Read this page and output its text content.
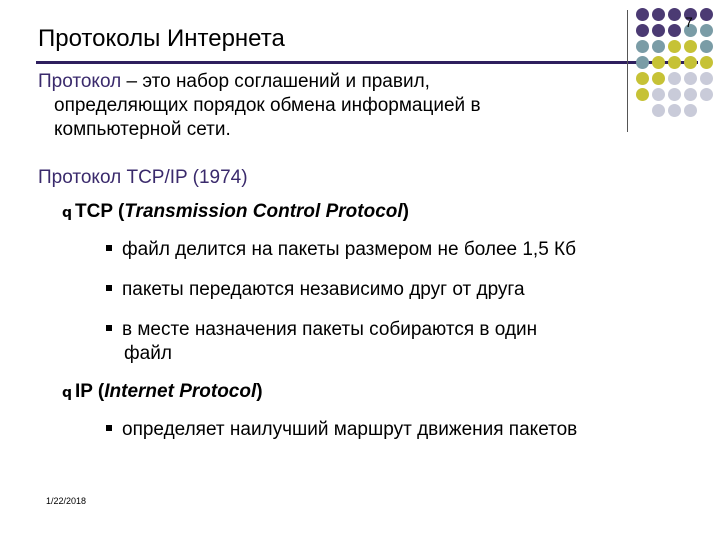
Протоколы Интернета
7
Протокол – это набор соглашений и правил,
определяющих порядок обмена информацией в
компьютерной сети.
Протокол TCP/IP (1974)
q TCP (Transmission Control Protocol)
файл делится на пакеты размером не более 1,5 Кб
пакеты передаются независимо друг от друга
в месте назначения пакеты собираются в один
файл
q IP (Internet Protocol)
определяет наилучший маршрут движения пакетов
1/22/2018
